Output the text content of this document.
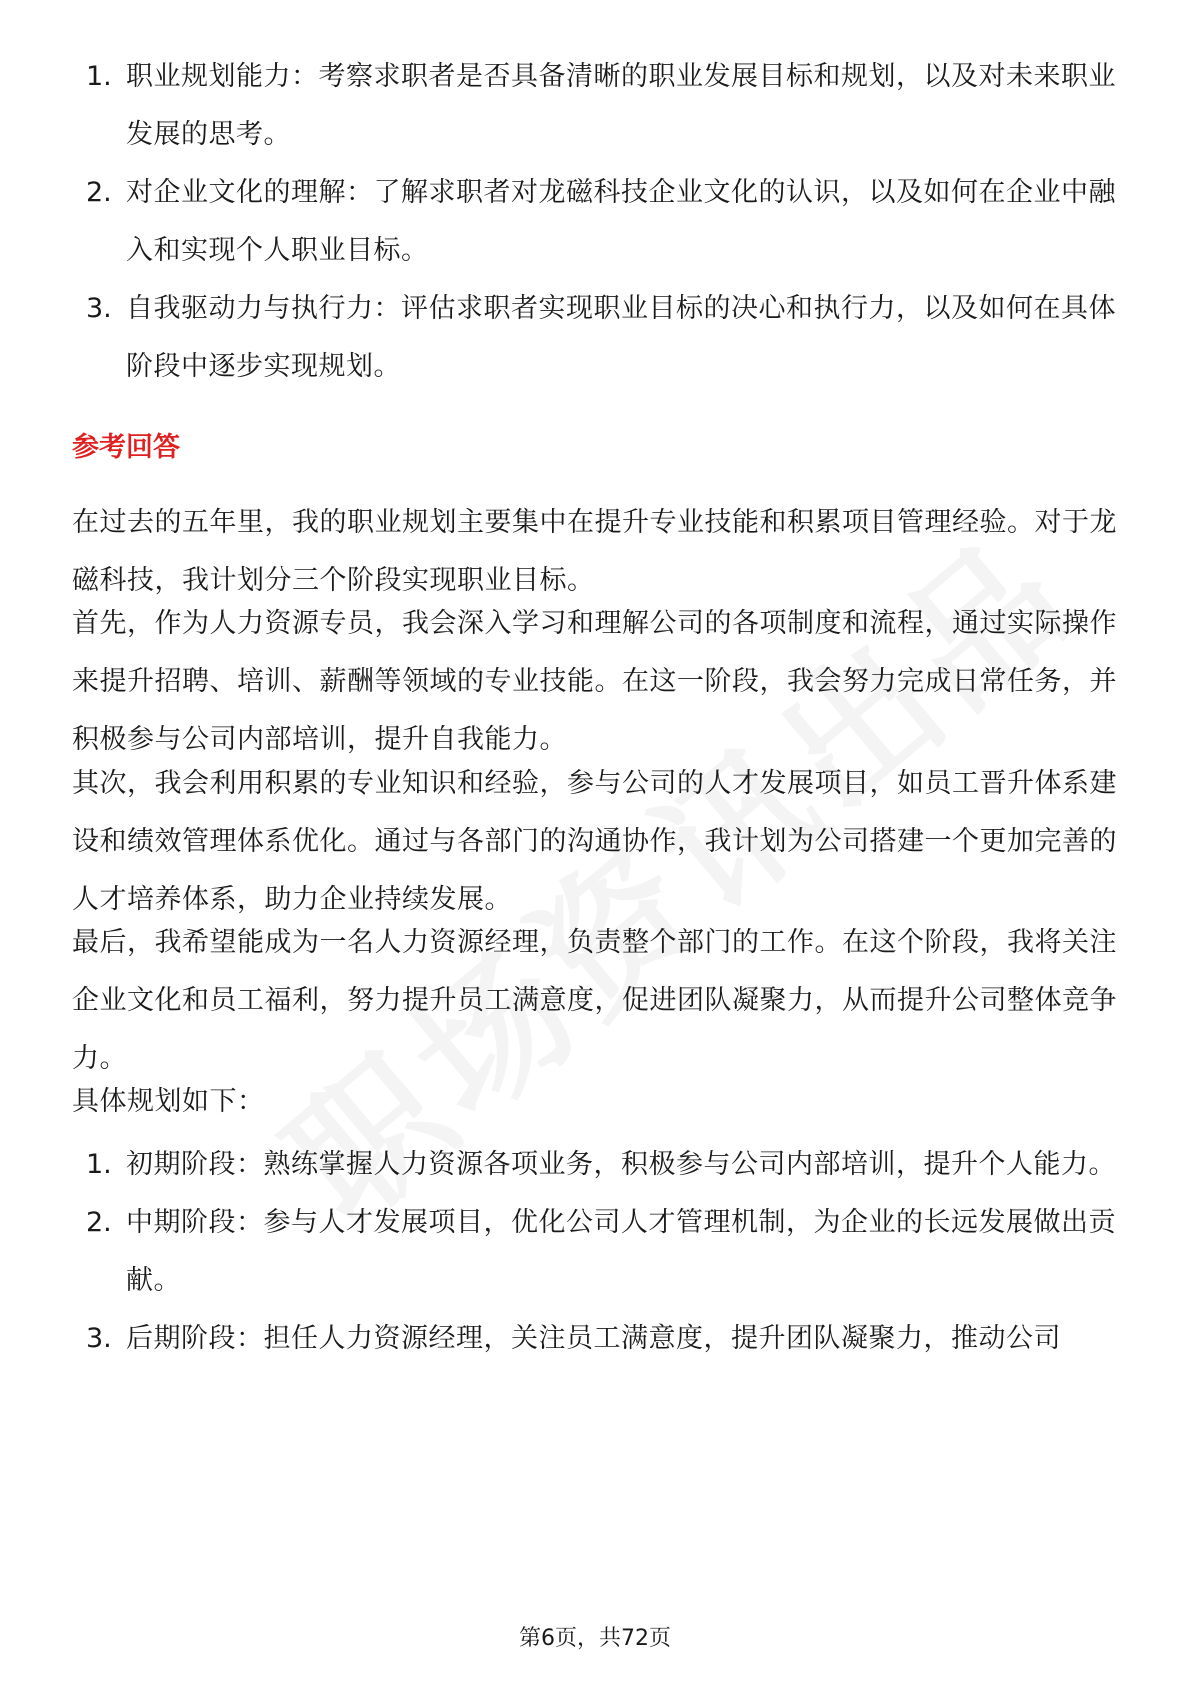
1. 职业规划能力：考察求职者是否具备清晰的职业发展目标和规划，以及对未来职业发展的思考。
2. 对企业文化的理解：了解求职者对龙磁科技企业文化的认识，以及如何在企业中融入和实现个人职业目标。
3. 自我驱动力与执行力：评估求职者实现职业目标的决心和执行力，以及如何在具体阶段中逐步实现规划。
参考回答

在过去的五年里，我的职业规划主要集中在提升专业技能和积累项目管理经验。对于龙磁科技，我计划分三个阶段实现职业目标。

首先，作为人力资源专员，我会深入学习和理解公司的各项制度和流程，通过实际操作来提升招聘、培训、薪酬等领域的专业技能。在这一阶段，我会努力完成日常任务，并积极参与公司内部培训，提升自我能力。

其次，我会利用积累的专业知识和经验，参与公司的人才发展项目，如员工晋升体系建设和绩效管理体系优化。通过与各部门的沟通协作，我计划为公司搭建一个更加完善的人才培养体系，助力企业持续发展。

最后，我希望能成为一名人力资源经理，负责整个部门的工作。在这个阶段，我将关注企业文化和员工福利，努力提升员工满意度，促进团队凝聚力，从而提升公司整体竞争力。

具体规划如下：

1. 初期阶段：熟练掌握人力资源各项业务，积极参与公司内部培训，提升个人能力。
2. 中期阶段：参与人才发展项目，优化公司人才管理机制，为企业的长远发展做出贡献。
3. 后期阶段：担任人力资源经理，关注员工满意度，提升团队凝聚力，推动公司
第6页，共72页
